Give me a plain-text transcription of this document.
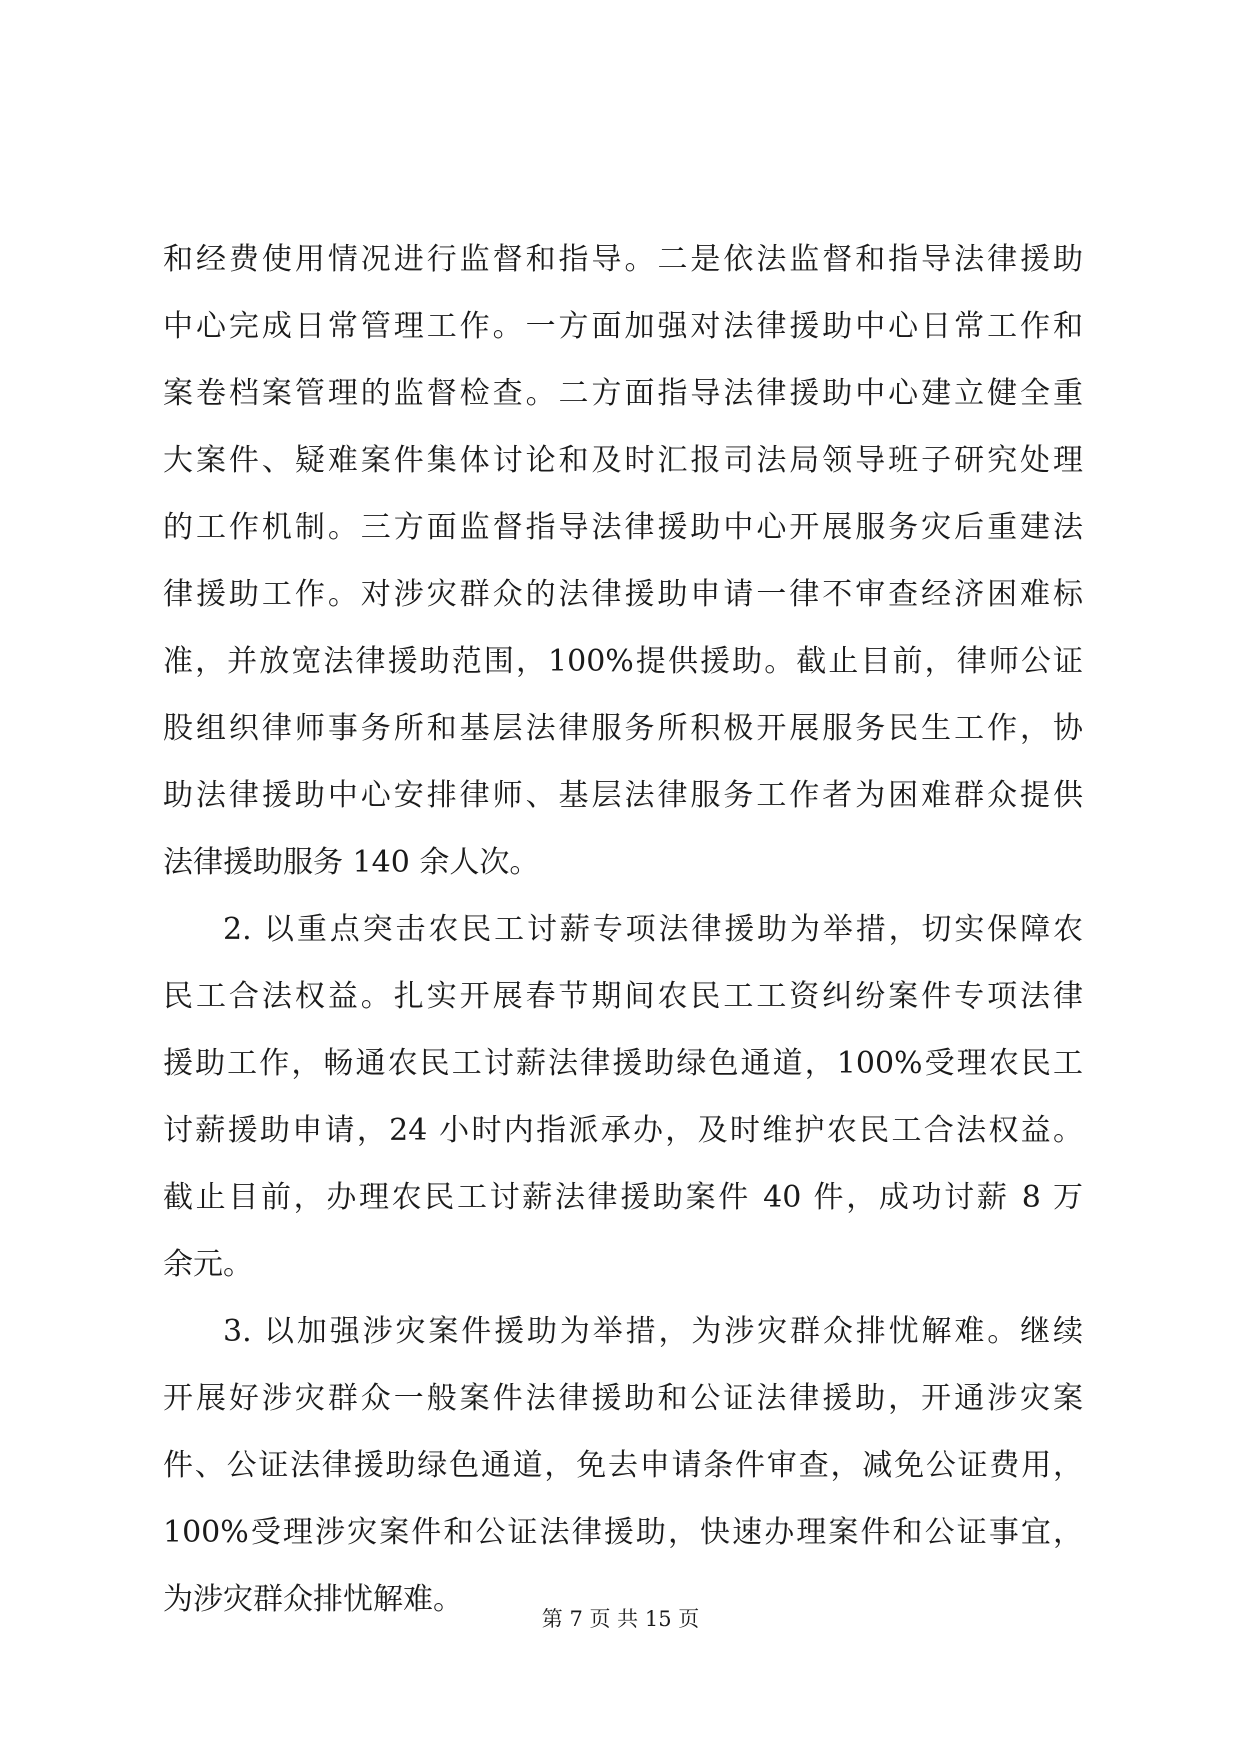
和经费使用情况进行监督和指导。二是依法监督和指导法律援助
中心完成日常管理工作。一方面加强对法律援助中心日常工作和
案卷档案管理的监督检查。二方面指导法律援助中心建立健全重
大案件、疑难案件集体讨论和及时汇报司法局领导班子研究处理
的工作机制。三方面监督指导法律援助中心开展服务灾后重建法
律援助工作。对涉灾群众的法律援助申请一律不审查经济困难标
准，并放宽法律援助范围，100%提供援助。截止目前，律师公证
股组织律师事务所和基层法律服务所积极开展服务民生工作，协
助法律援助中心安排律师、基层法律服务工作者为困难群众提供
法律援助服务 140 余人次。
2. 以重点突击农民工讨薪专项法律援助为举措，切实保障农
民工合法权益。扎实开展春节期间农民工工资纠纷案件专项法律
援助工作，畅通农民工讨薪法律援助绿色通道，100%受理农民工
讨薪援助申请，24 小时内指派承办，及时维护农民工合法权益。
截止目前，办理农民工讨薪法律援助案件 40 件，成功讨薪 8 万
余元。
3. 以加强涉灾案件援助为举措，为涉灾群众排忧解难。继续
开展好涉灾群众一般案件法律援助和公证法律援助，开通涉灾案
件、公证法律援助绿色通道，免去申请条件审查，减免公证费用，
100%受理涉灾案件和公证法律援助，快速办理案件和公证事宜，
为涉灾群众排忧解难。
第 7 页 共 15 页
